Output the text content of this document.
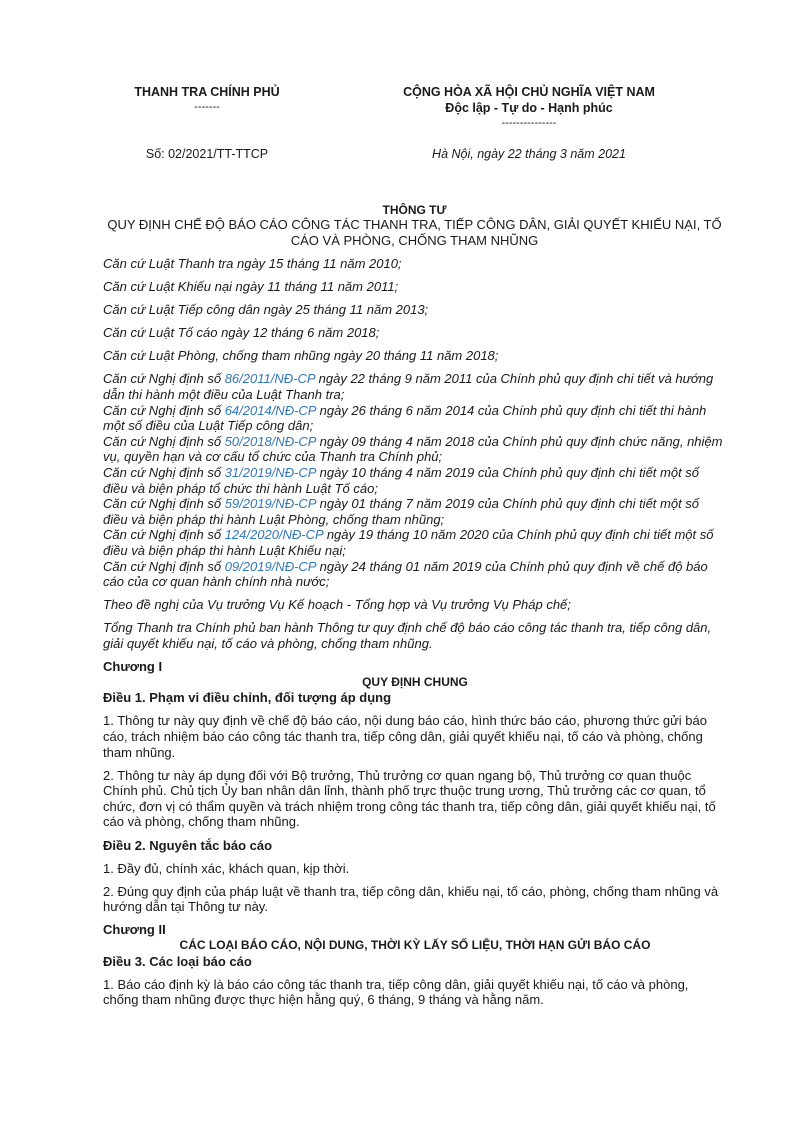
THANH TRA CHÍNH PHỦ
-------
CỘNG HÒA XÃ HỘI CHỦ NGHĨA VIỆT NAM
Độc lập - Tự do - Hạnh phúc
---------------
Số: 02/2021/TT-TTCP	Hà Nội, ngày 22 tháng 3 năm 2021
THÔNG TƯ
QUY ĐỊNH CHẾ ĐỘ BÁO CÁO CÔNG TÁC THANH TRA, TIẾP CÔNG DÂN, GIẢI QUYẾT KHIẾU NẠI, TỐ CÁO VÀ PHÒNG, CHỐNG THAM NHŨNG

Căn cứ Luật Thanh tra ngày 15 tháng 11 năm 2010;

Căn cứ Luật Khiếu nại ngày 11 tháng 11 năm 2011;

Căn cứ Luật Tiếp công dân ngày 25 tháng 11 năm 2013;

Căn cứ Luật Tố cáo ngày 12 tháng 6 năm 2018;

Căn cứ Luật Phòng, chống tham nhũng ngày 20 tháng 11 năm 2018;

Căn cứ Nghị định số 86/2011/NĐ-CP ngày 22 tháng 9 năm 2011 của Chính phủ quy định chi tiết và hướng dẫn thi hành một điều của Luật Thanh tra;

Căn cứ Nghị định số 64/2014/NĐ-CP ngày 26 tháng 6 năm 2014 của Chính phủ quy định chi tiết thi hành một số điều của Luật Tiếp công dân;

Căn cứ Nghị định số 50/2018/NĐ-CP ngày 09 tháng 4 năm 2018 của Chính phủ quy định chức năng, nhiệm vụ, quyền hạn và cơ cấu tổ chức của Thanh tra Chính phủ;

Căn cứ Nghị định số 31/2019/NĐ-CP ngày 10 tháng 4 năm 2019 của Chính phủ quy định chi tiết một số điều và biện pháp tổ chức thi hành Luật Tố cáo;

Căn cứ Nghị định số 59/2019/NĐ-CP ngày 01 tháng 7 năm 2019 của Chính phủ quy định chi tiết một số điều và biện pháp thi hành Luật Phòng, chống tham nhũng;

Căn cứ Nghị định số 124/2020/NĐ-CP ngày 19 tháng 10 năm 2020 của Chính phủ quy định chi tiết một số điều và biện pháp thi hành Luật Khiếu nại;

Căn cứ Nghị định số 09/2019/NĐ-CP ngày 24 tháng 01 năm 2019 của Chính phủ quy định về chế độ báo cáo của cơ quan hành chính nhà nước;

Theo đề nghị của Vụ trưởng Vụ Kế hoạch - Tổng hợp và Vụ trưởng Vụ Pháp chế;

Tổng Thanh tra Chính phủ ban hành Thông tư quy định chế độ báo cáo công tác thanh tra, tiếp công dân, giải quyết khiếu nại, tố cáo và phòng, chống tham nhũng.

Chương I

QUY ĐỊNH CHUNG

Điều 1. Phạm vi điều chỉnh, đối tượng áp dụng

1. Thông tư này quy định về chế độ báo cáo, nội dung báo cáo, hình thức báo cáo, phương thức gửi báo cáo, trách nhiệm báo cáo công tác thanh tra, tiếp công dân, giải quyết khiếu nại, tố cáo và phòng, chống tham nhũng.

2. Thông tư này áp dụng đối với Bộ trưởng, Thủ trưởng cơ quan ngang bộ, Thủ trưởng cơ quan thuộc Chính phủ. Chủ tịch Ủy ban nhân dân lỉnh, thành phố trực thuộc trung ương, Thủ trưởng các cơ quan, tổ chức, đơn vị có thẩm quyền và trách nhiệm trong công tác thanh tra, tiếp công dân, giải quyết khiếu nại, tố cáo và phòng, chống tham nhũng.

Điều 2. Nguyên tắc báo cáo

1. Đầy đủ, chính xác, khách quan, kịp thời.

2. Đúng quy định của pháp luật về thanh tra, tiếp công dân, khiếu nại, tố cáo, phòng, chống tham nhũng và hướng dẫn tại Thông tư này.

Chương II

CÁC LOẠI BÁO CÁO, NỘI DUNG, THỜI KỲ LẤY SỐ LIỆU, THỜI HẠN GỬI BÁO CÁO

Điều 3. Các loại báo cáo

1. Báo cáo định kỳ là báo cáo công tác thanh tra, tiếp công dân, giải quyết khiếu nại, tố cáo và phòng, chống tham nhũng được thực hiện hằng quý, 6 tháng, 9 tháng và hằng năm.
